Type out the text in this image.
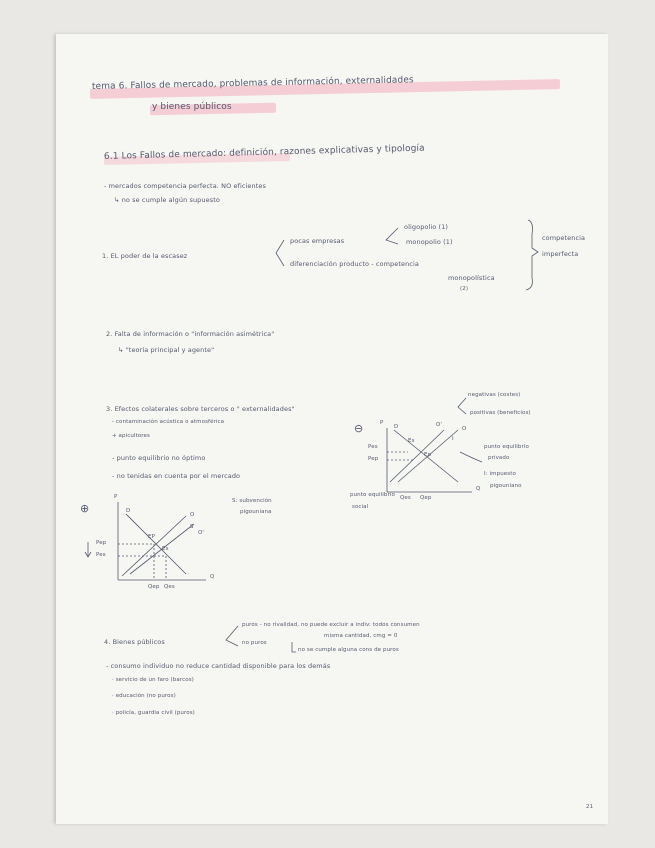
tema 6. Fallos de mercado, problemas de información, externalidades
y bienes públicos
6.1 Los Fallos de mercado: definición, razones explicativas y tipología
- mercados competencia perfecta. NO eficientes
↳ no se cumple algún supuesto
1. EL poder de la escasez
pocas empresas
oligopolio (1)
monopolio (1)
diferenciación producto - competencia
monopolística
(2)
competencia
imperfecta
2. Falta de información o "información asimétrica"
↳ "teoría principal y agente"
3. Efectos colaterales sobre terceros o " externalidades"
negativas (costes)
positivas (beneficios)
- contaminación acústica o atmosférica
+ apicultores
- punto equilibrio no óptimo
- no tenidas en cuenta por el mercado
⊖	P
D	O'
O
I
Pes
Pep
Es
Ep
Q
Qes Qep
punto equilibrio
privado
punto equilibrio
social
I: impuesto
pigouniano
⊕
P
D
O
S
O'
Pep
Pes
EP
Es
Q
Qep Qes
S: subvención
pigouniana
4. Bienes públicos
puros - no rivalidad, no puede excluir a indiv: todos consumen
misma cantidad, cmg = 0
no puros
no se cumple alguna cons de puros
- consumo individuo no reduce cantidad disponible para los demás
· servicio de un faro (barcos)
· educación (no puros)
· policía, guardia civil (puros)
21
